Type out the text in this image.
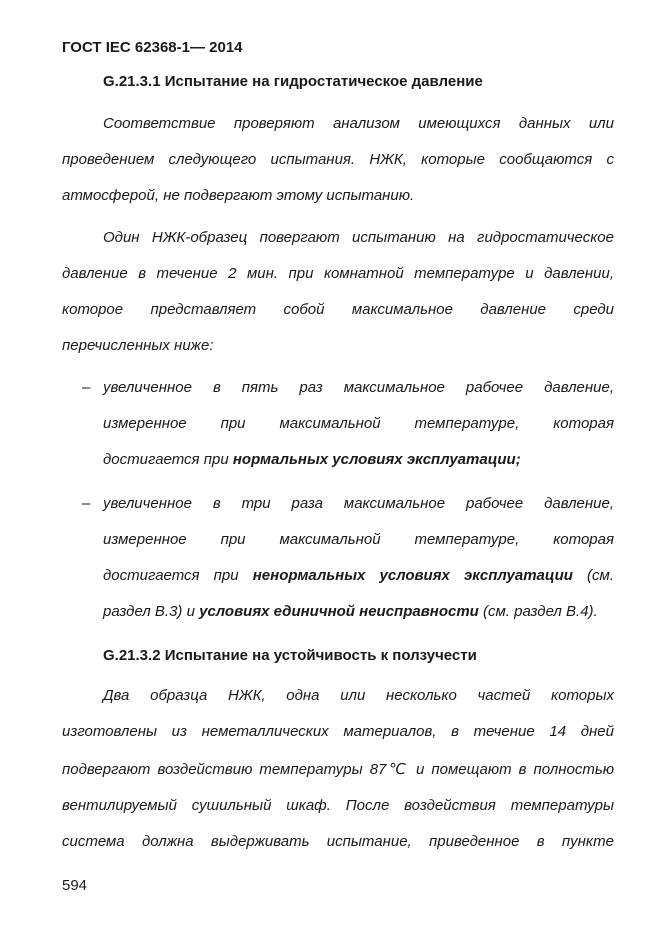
ГОСТ IEC 62368-1— 2014
G.21.3.1 Испытание на гидростатическое давление
Соответствие проверяют анализом имеющихся данных или
проведением следующего испытания. НЖК, которые сообщаются с
атмосферой, не подвергают этому испытанию.
Один НЖК-образец повергают испытанию на гидростатическое
давление в течение 2 мин. при комнатной температуре и давлении,
которое представляет собой максимальное давление среди
перечисленных ниже:
– увеличенное в пять раз максимальное рабочее давление,
измеренное при максимальной температуре, которая
достигается при нормальных условиях эксплуатации;
– увеличенное в три раза максимальное рабочее давление,
измеренное при максимальной температуре, которая
достигается при ненормальных условиях эксплуатации (см.
раздел В.3) и условиях единичной неисправности (см. раздел В.4).
G.21.3.2 Испытание на устойчивость к ползучести
Два образца НЖК, одна или несколько частей которых
изготовлены из неметаллических материалов, в течение 14 дней
подвергают воздействию температуры 87℃ и помещают в полностью
вентилируемый сушильный шкаф. После воздействия температуры
система должна выдерживать испытание, приведенное в пункте
594
